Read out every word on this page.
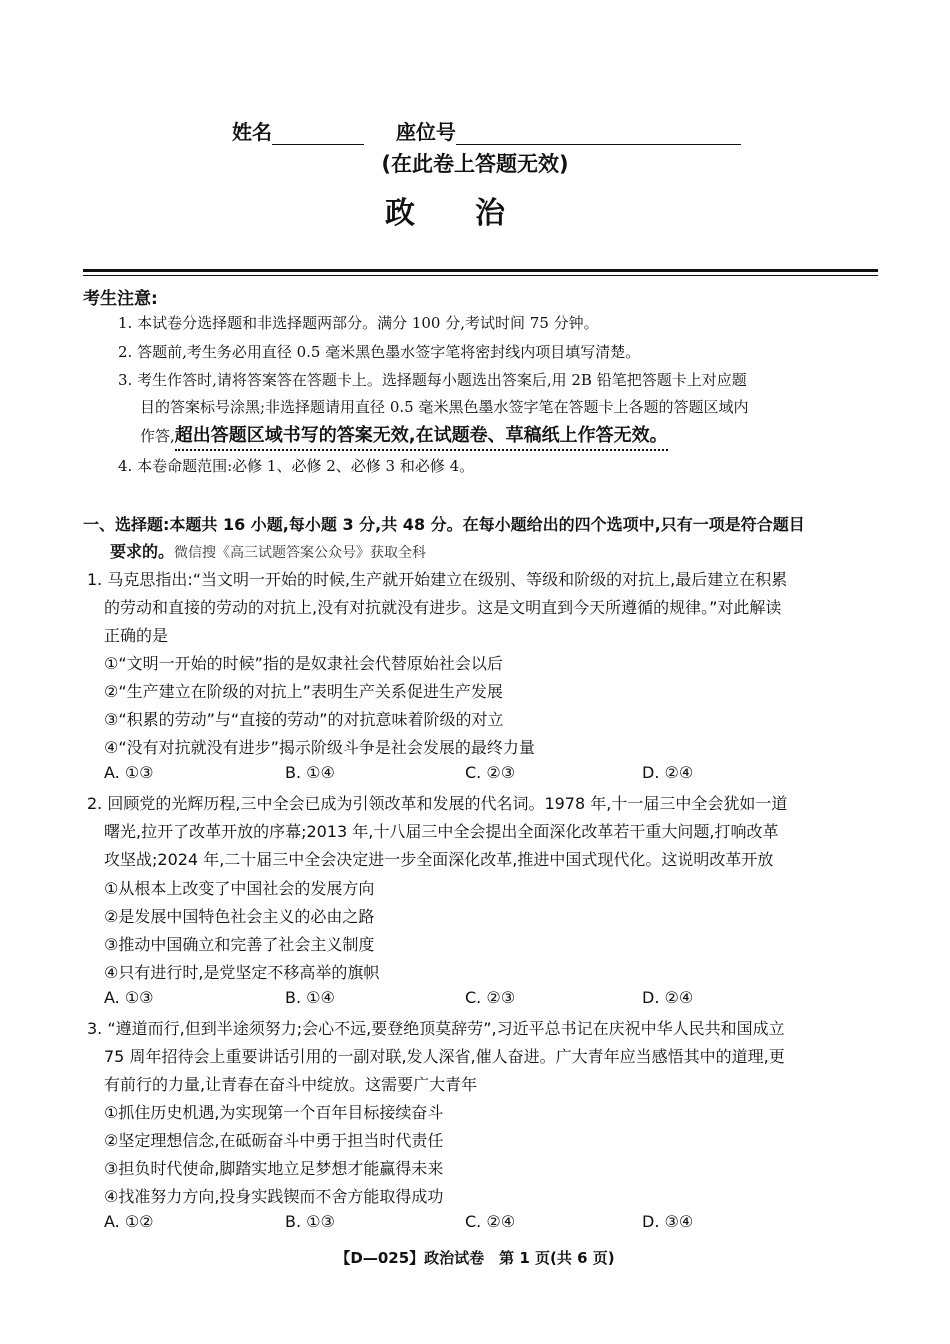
姓名	座位号
(在此卷上答题无效)
政治
考生注意:
1. 本试卷分选择题和非选择题两部分。满分 100 分,考试时间 75 分钟。
2. 答题前,考生务必用直径 0.5 毫米黑色墨水签字笔将密封线内项目填写清楚。
3. 考生作答时,请将答案答在答题卡上。选择题每小题选出答案后,用 2B 铅笔把答题卡上对应题
目的答案标号涂黑;非选择题请用直径 0.5 毫米黑色墨水签字笔在答题卡上各题的答题区域内
作答,超出答题区域书写的答案无效,在试题卷、草稿纸上作答无效。
4. 本卷命题范围:必修 1、必修 2、必修 3 和必修 4。
一、选择题:本题共 16 小题,每小题 3 分,共 48 分。在每小题给出的四个选项中,只有一项是符合题目
要求的。微信搜《高三试题答案公众号》获取全科
1. 马克思指出:“当文明一开始的时候,生产就开始建立在级别、等级和阶级的对抗上,最后建立在积累
的劳动和直接的劳动的对抗上,没有对抗就没有进步。这是文明直到今天所遵循的规律。”对此解读
正确的是
①“文明一开始的时候”指的是奴隶社会代替原始社会以后
②“生产建立在阶级的对抗上”表明生产关系促进生产发展
③“积累的劳动”与“直接的劳动”的对抗意味着阶级的对立
④“没有对抗就没有进步”揭示阶级斗争是社会发展的最终力量
A. ①③	B. ①④	C. ②③	D. ②④
2. 回顾党的光辉历程,三中全会已成为引领改革和发展的代名词。1978 年,十一届三中全会犹如一道
曙光,拉开了改革开放的序幕;2013 年,十八届三中全会提出全面深化改革若干重大问题,打响改革
攻坚战;2024 年,二十届三中全会决定进一步全面深化改革,推进中国式现代化。这说明改革开放
①从根本上改变了中国社会的发展方向
②是发展中国特色社会主义的必由之路
③推动中国确立和完善了社会主义制度
④只有进行时,是党坚定不移高举的旗帜
A. ①③	B. ①④	C. ②③	D. ②④
3. “遵道而行,但到半途须努力;会心不远,要登绝顶莫辞劳”,习近平总书记在庆祝中华人民共和国成立
75 周年招待会上重要讲话引用的一副对联,发人深省,催人奋进。广大青年应当感悟其中的道理,更
有前行的力量,让青春在奋斗中绽放。这需要广大青年
①抓住历史机遇,为实现第一个百年目标接续奋斗
②坚定理想信念,在砥砺奋斗中勇于担当时代责任
③担负时代使命,脚踏实地立足梦想才能赢得未来
④找准努力方向,投身实践锲而不舍方能取得成功
A. ①②	B. ①③	C. ②④	D. ③④
【D—025】政治试卷　第 1 页(共 6 页)
